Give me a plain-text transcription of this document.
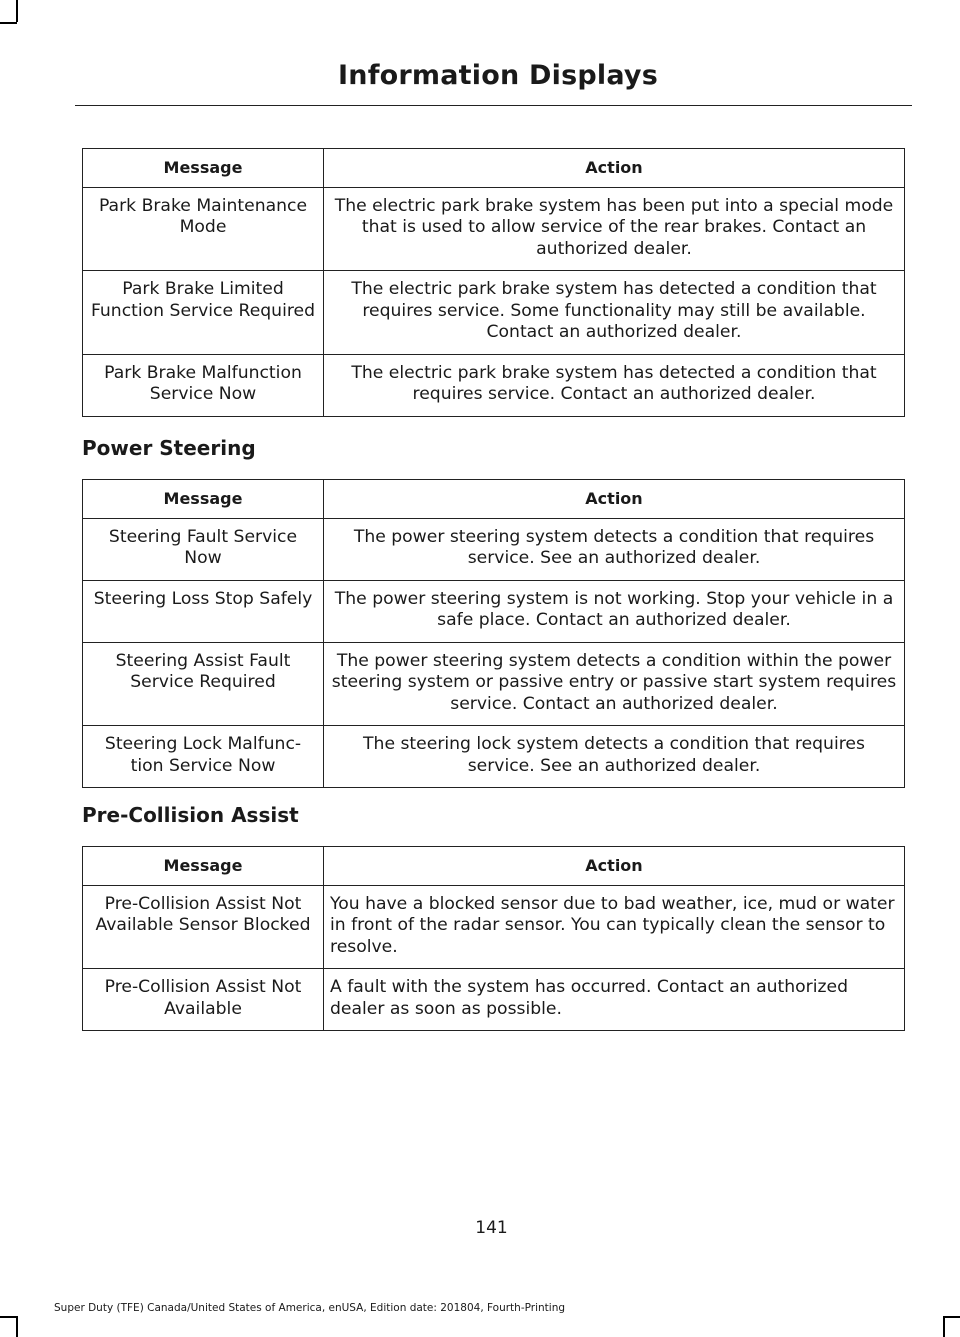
Information Displays
Message	Action
Park Brake Maintenance Mode	The electric park brake system has been put into a special mode that is used to allow service of the rear brakes. Contact an authorized dealer.
Park Brake Limited Function Service Required	The electric park brake system has detected a condition that requires service. Some functionality may still be available. Contact an authorized dealer.
Park Brake Malfunction Service Now	The electric park brake system has detected a condition that requires service. Contact an authorized dealer.
Power Steering
Message	Action
Steering Fault Service Now	The power steering system detects a condition that requires service. See an authorized dealer.
Steering Loss Stop Safely	The power steering system is not working. Stop your vehicle in a safe place. Contact an authorized dealer.
Steering Assist Fault Service Required	The power steering system detects a condition within the power steering system or passive entry or passive start system requires service. Contact an authorized dealer.
Steering Lock Malfunc-tion Service Now	The steering lock system detects a condition that requires service. See an authorized dealer.
Pre-Collision Assist
Message	Action
Pre-Collision Assist Not Available Sensor Blocked	You have a blocked sensor due to bad weather, ice, mud or water in front of the radar sensor. You can typically clean the sensor to resolve.
Pre-Collision Assist Not Available	A fault with the system has occurred. Contact an authorized dealer as soon as possible.
141
Super Duty (TFE) Canada/United States of America, enUSA, Edition date: 201804, Fourth-Printing
